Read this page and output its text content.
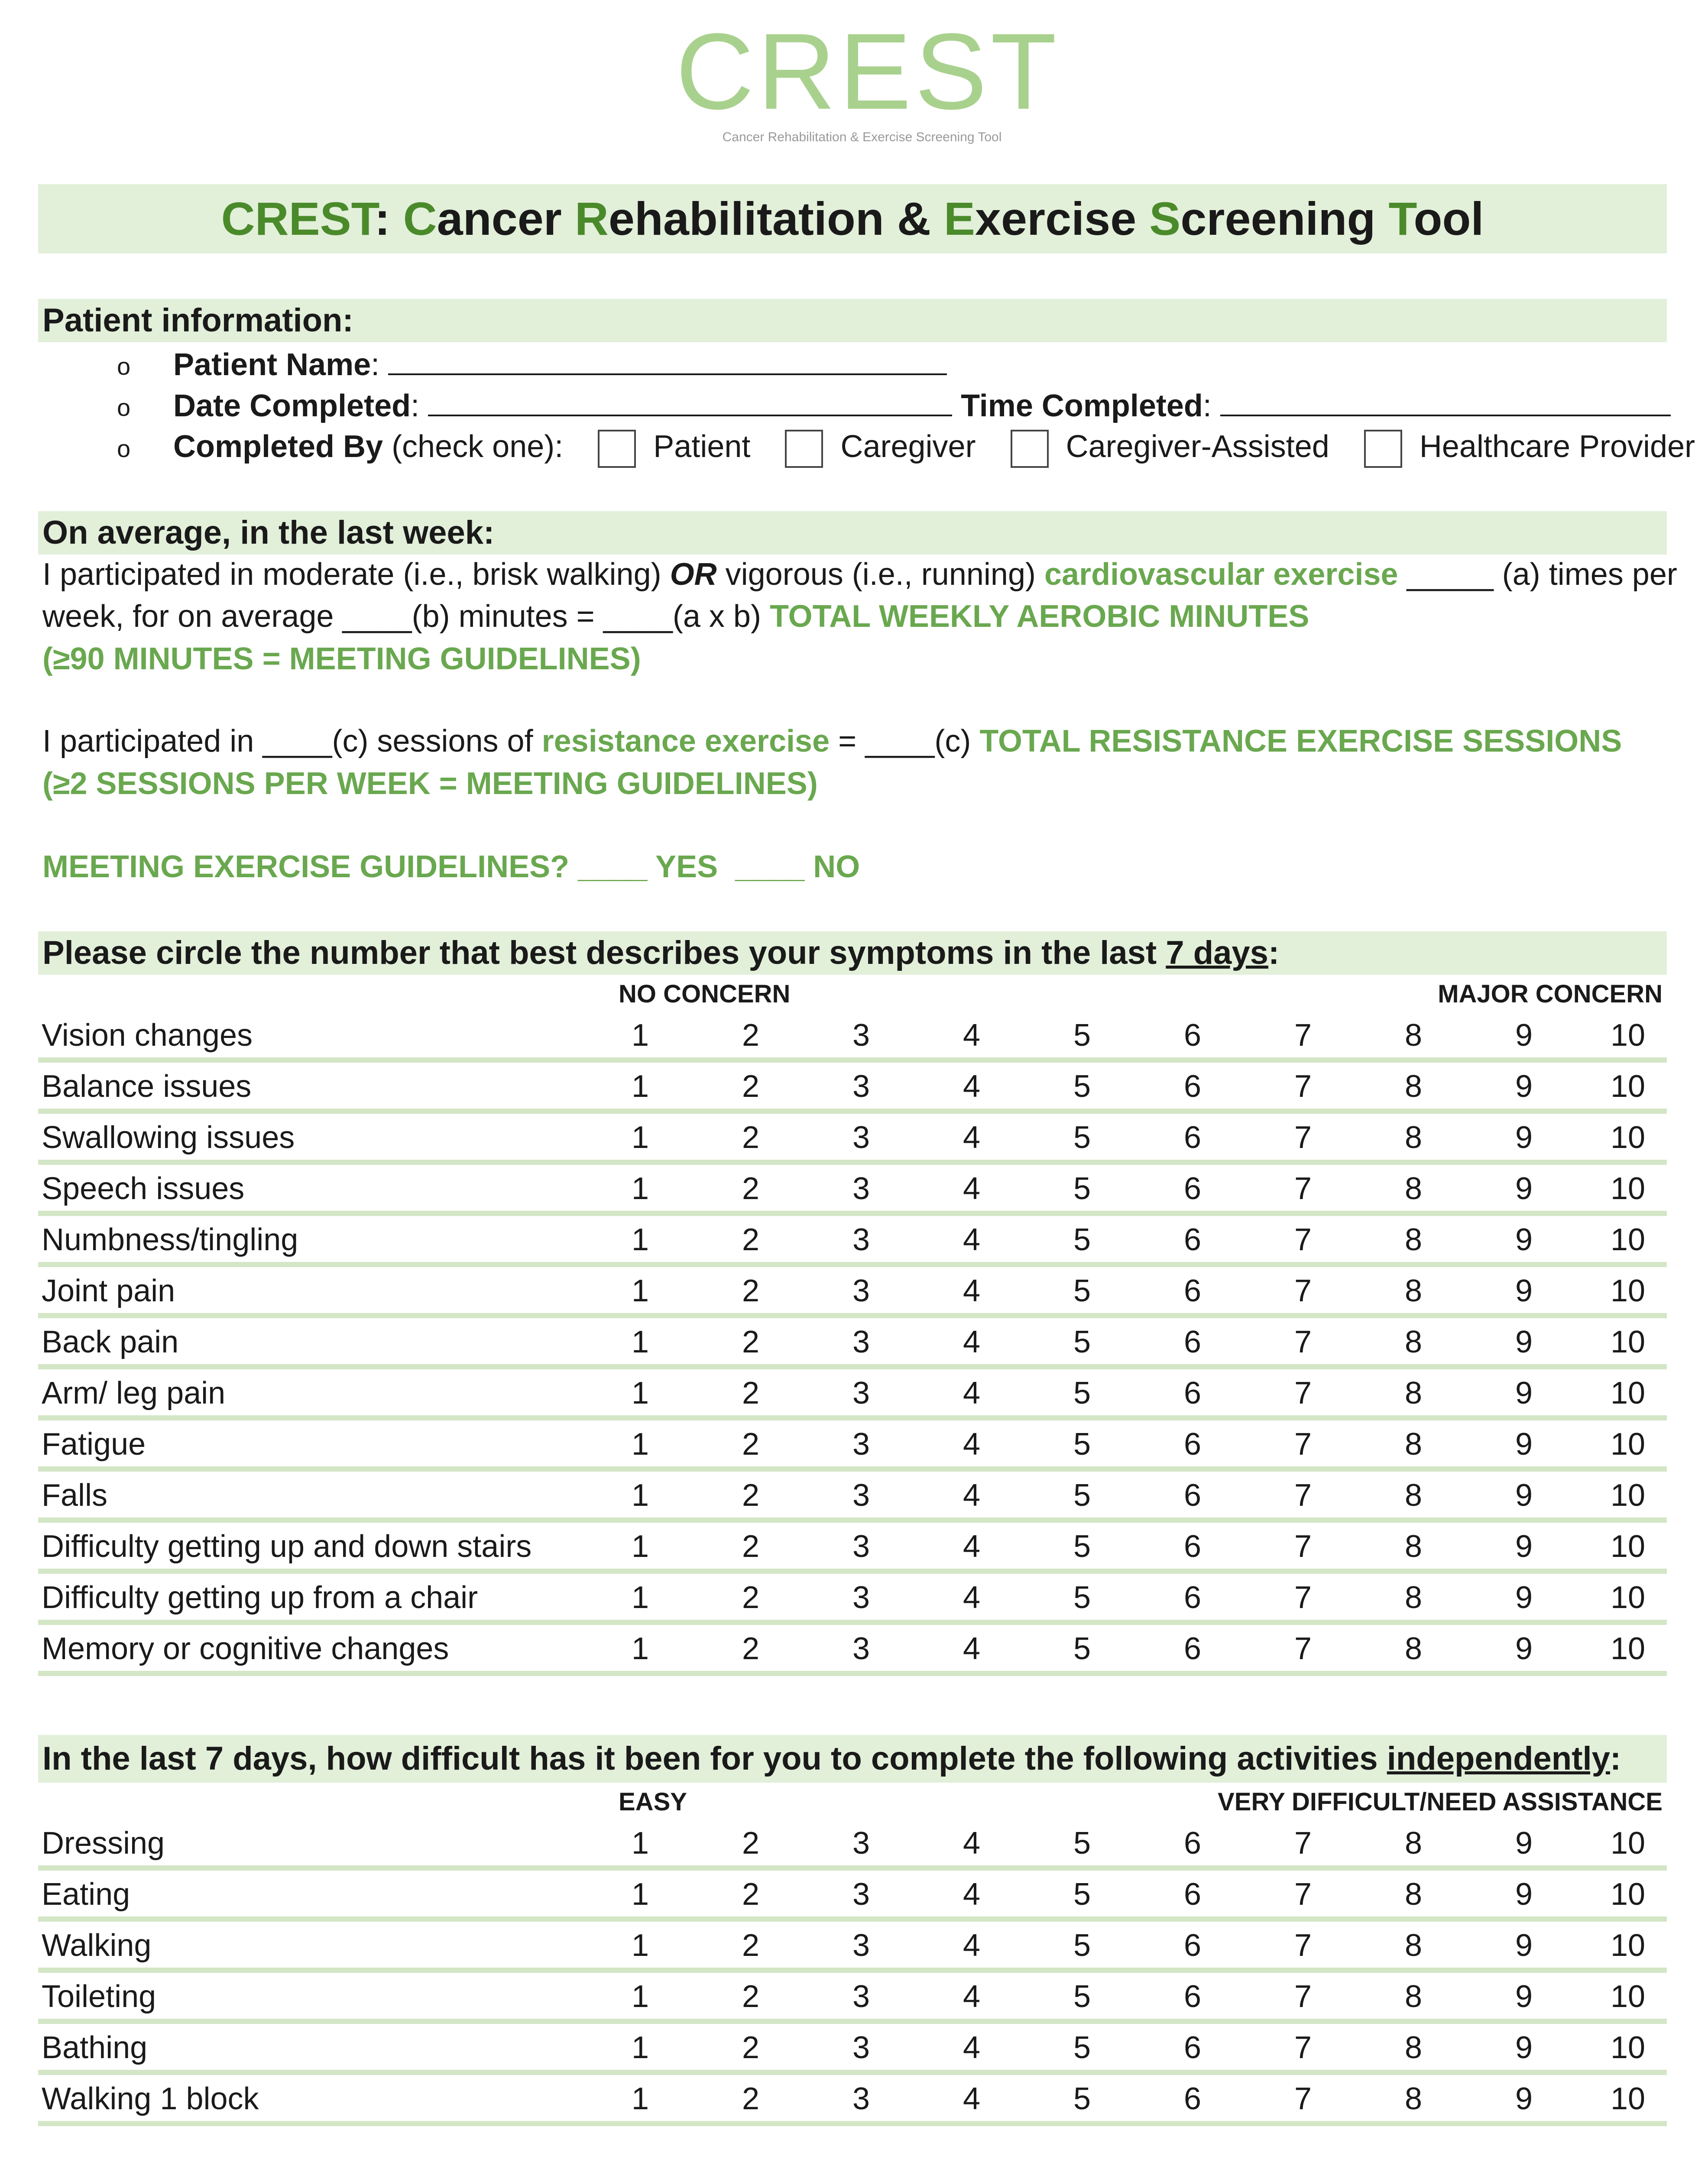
CREST
Cancer Rehabilitation & Exercise Screening Tool
CREST: Cancer Rehabilitation & Exercise Screening Tool
Patient information:
o Patient Name:
o Date Completed:	Time Completed:
o Completed By (check one):	Patient	Caregiver	Caregiver-Assisted	Healthcare Provider
On average, in the last week:
I participated in moderate (i.e., brisk walking) OR vigorous (i.e., running) cardiovascular exercise _____ (a) times per
week, for on average ____(b) minutes = ____(a x b) TOTAL WEEKLY AEROBIC MINUTES
(≥90 MINUTES = MEETING GUIDELINES)
I participated in ____(c) sessions of resistance exercise = ____(c) TOTAL RESISTANCE EXERCISE SESSIONS
(≥2 SESSIONS PER WEEK = MEETING GUIDELINES)
MEETING EXERCISE GUIDELINES? ____ YES  ____ NO
Please circle the number that best describes your symptoms in the last 7 days:
NO CONCERN	MAJOR CONCERN
Vision changes	1	2	3	4	5	6	7	8	9	10
Balance issues	1	2	3	4	5	6	7	8	9	10
Swallowing issues	1	2	3	4	5	6	7	8	9	10
Speech issues	1	2	3	4	5	6	7	8	9	10
Numbness/tingling	1	2	3	4	5	6	7	8	9	10
Joint pain	1	2	3	4	5	6	7	8	9	10
Back pain	1	2	3	4	5	6	7	8	9	10
Arm/ leg pain	1	2	3	4	5	6	7	8	9	10
Fatigue	1	2	3	4	5	6	7	8	9	10
Falls	1	2	3	4	5	6	7	8	9	10
Difficulty getting up and down stairs	1	2	3	4	5	6	7	8	9	10
Difficulty getting up from a chair	1	2	3	4	5	6	7	8	9	10
Memory or cognitive changes	1	2	3	4	5	6	7	8	9	10
In the last 7 days, how difficult has it been for you to complete the following activities independently:
EASY	VERY DIFFICULT/NEED ASSISTANCE
Dressing	1	2	3	4	5	6	7	8	9	10
Eating	1	2	3	4	5	6	7	8	9	10
Walking	1	2	3	4	5	6	7	8	9	10
Toileting	1	2	3	4	5	6	7	8	9	10
Bathing	1	2	3	4	5	6	7	8	9	10
Walking 1 block	1	2	3	4	5	6	7	8	9	10
